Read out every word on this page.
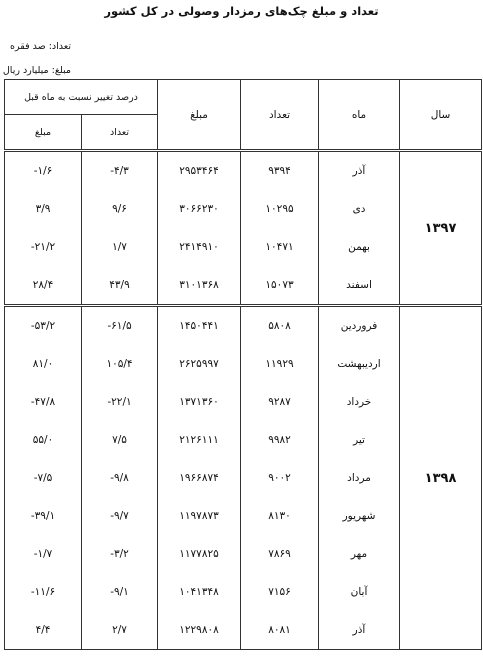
تعداد و مبلغ چک‌های رمزدار وصولی در کل کشور
تعداد: صد فقره
مبلغ: میلیارد ریال
درصد تغییر نسبت به ماه قبل		مبلغ	تعداد	ماه	سال
مبلغ	تعداد				
-۱/۶	-۴/۳	۲۹۵۳۴۶۴	۹۳۹۴	آذر	۱۳۹۷
۳/۹	۹/۶	۳۰۶۶۲۳۰	۱۰۲۹۵	دی	
-۲۱/۲	۱/۷	۲۴۱۴۹۱۰	۱۰۴۷۱	بهمن	
۲۸/۴	۴۳/۹	۳۱۰۱۳۶۸	۱۵۰۷۳	اسفند	
-۵۳/۲	-۶۱/۵	۱۴۵۰۴۴۱	۵۸۰۸	فروردین	۱۳۹۸
۸۱/۰	۱۰۵/۴	۲۶۲۵۹۹۷	۱۱۹۲۹	اردیبهشت	
-۴۷/۸	-۲۲/۱	۱۳۷۱۳۶۰	۹۲۸۷	خرداد	
۵۵/۰	۷/۵	۲۱۲۶۱۱۱	۹۹۸۲	تیر	
-۷/۵	-۹/۸	۱۹۶۶۸۷۴	۹۰۰۲	مرداد	
-۳۹/۱	-۹/۷	۱۱۹۷۸۷۳	۸۱۳۰	شهریور	
-۱/۷	-۳/۲	۱۱۷۷۸۲۵	۷۸۶۹	مهر	
-۱۱/۶	-۹/۱	۱۰۴۱۳۴۸	۷۱۵۶	آبان	
۴/۴	۲/۷	۱۲۲۹۸۰۸	۸۰۸۱	آذر	
